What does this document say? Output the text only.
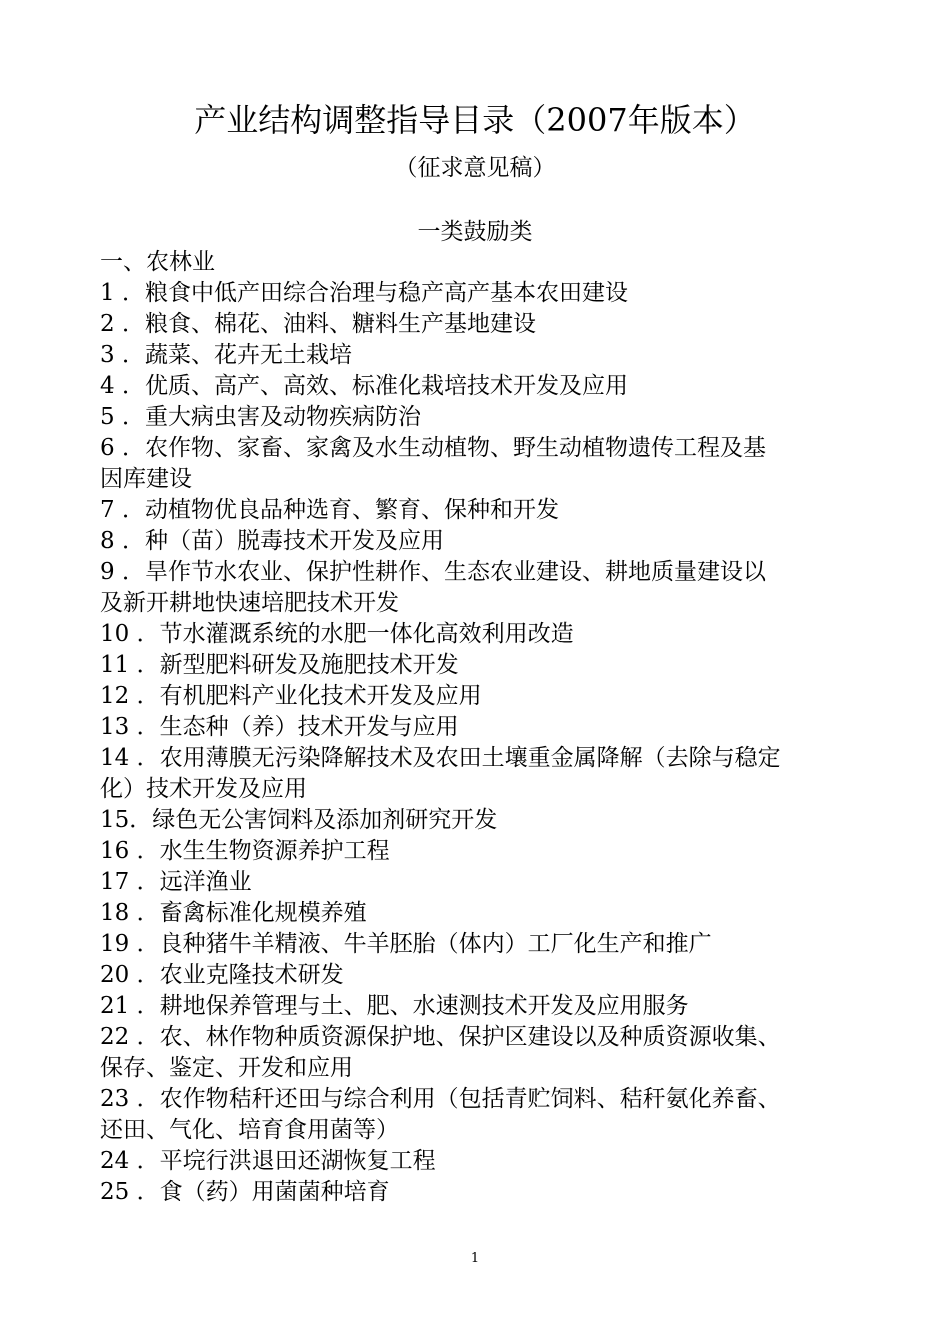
产业结构调整指导目录（2007年版本）
（征求意见稿）
一类鼓励类
一、农林业
1 ．粮食中低产田综合治理与稳产高产基本农田建设
2 ．粮食、棉花、油料、糖料生产基地建设
3 ．蔬菜、花卉无土栽培
4 ．优质、高产、高效、标准化栽培技术开发及应用
5 ．重大病虫害及动物疾病防治
6 ．农作物、家畜、家禽及水生动植物、野生动植物遗传工程及基
因库建设
7 ．动植物优良品种选育、繁育、保种和开发
8 ．种（苗）脱毒技术开发及应用
9 ．旱作节水农业、保护性耕作、生态农业建设、耕地质量建设以
及新开耕地快速培肥技术开发
10 ．节水灌溉系统的水肥一体化高效利用改造
11 ．新型肥料研发及施肥技术开发
12 ．有机肥料产业化技术开发及应用
13 ．生态种（养）技术开发与应用
14 ．农用薄膜无污染降解技术及农田土壤重金属降解（去除与稳定
化）技术开发及应用
15．绿色无公害饲料及添加剂研究开发
16 ．水生生物资源养护工程
17 ．远洋渔业
18 ．畜禽标准化规模养殖
19 ．良种猪牛羊精液、牛羊胚胎（体内）工厂化生产和推广
20 ．农业克隆技术研发
21 ．耕地保养管理与土、肥、水速测技术开发及应用服务
22 ．农、林作物种质资源保护地、保护区建设以及种质资源收集、
保存、鉴定、开发和应用
23 ．农作物秸秆还田与综合利用（包括青贮饲料、秸秆氨化养畜、
还田、气化、培育食用菌等）
24 ．平垸行洪退田还湖恢复工程
25 ．食（药）用菌菌种培育
1
